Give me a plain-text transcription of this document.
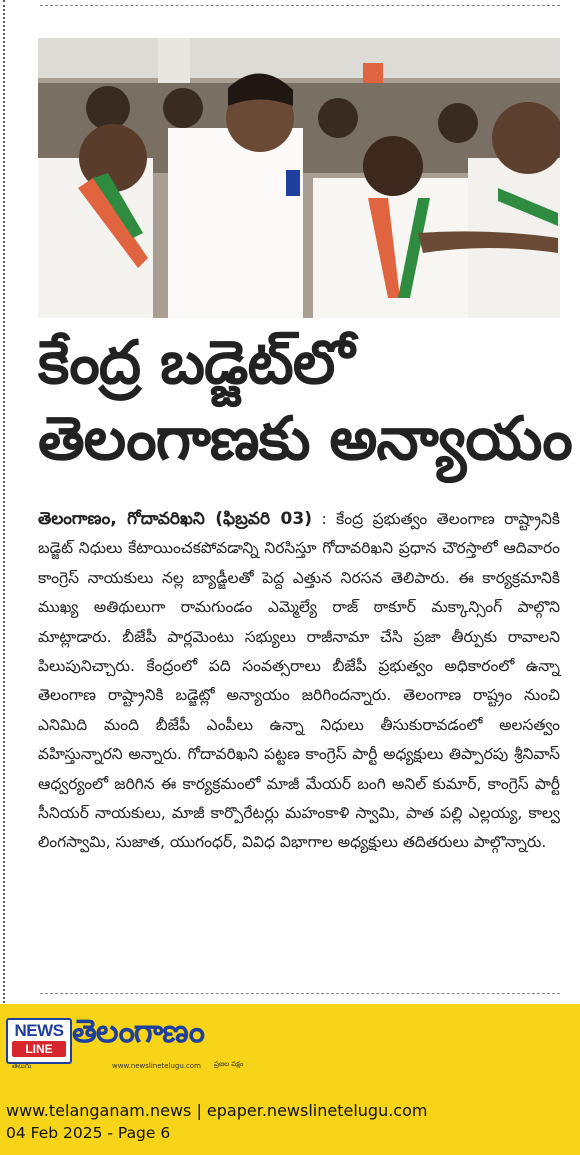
కేంద్ర బడ్జెట్‌లో
తెలంగాణకు అన్యాయం
తెలంగాణం, గోదావరిఖని (ఫిబ్రవరి 03) : కేంద్ర ప్రభుత్వం తెలంగాణ రాష్ట్రానికి బడ్జెట్ నిధులు కేటాయించకపోవడాన్ని నిరసిస్తూ గోదావరిఖని ప్రధాన చౌరస్తాలో ఆదివారం కాంగ్రెస్ నాయకులు నల్ల బ్యాడ్జీలతో పెద్ద ఎత్తున నిరసన తెలిపారు. ఈ కార్యక్రమానికి ముఖ్య అతిథులుగా రామగుండం ఎమ్మెల్యే రాజ్ ఠాకూర్ మక్కాన్సింగ్ పాల్గొని మాట్లాడారు. బీజేపీ పార్లమెంటు సభ్యులు రాజీనామా చేసి ప్రజా తీర్పుకు రావాలని పిలుపునిచ్చారు. కేంద్రంలో పది సంవత్సరాలు బీజేపీ ప్రభుత్వం అధికారంలో ఉన్నా తెలంగాణ రాష్ట్రానికి బడ్జెట్లో అన్యాయం జరిగిందన్నారు. తెలంగాణ రాష్ట్రం నుంచి ఎనిమిది మంది బీజేపీ ఎంపీలు ఉన్నా నిధులు తీసుకురావడంలో అలసత్వం వహిస్తున్నారని అన్నారు. గోదావరిఖని పట్టణ కాంగ్రెస్ పార్టీ అధ్యక్షులు తిప్పారపు శ్రీనివాస్ ఆధ్వర్యంలో జరిగిన ఈ కార్యక్రమంలో మాజీ మేయర్ బంగి అనిల్ కుమార్, కాంగ్రెస్ పార్టీ సీనియర్ నాయకులు, మాజీ కార్పొరేటర్లు మహంకాళి స్వామి, పాత పల్లి ఎల్లయ్య, కాల్వ లింగస్వామి, సుజాత, యుగంధర్, వివిధ విభాగాల అధ్యక్షులు తదితరులు పాల్గొన్నారు.
NEWS
LINE
తెలుగు
తెలంగాణం
www.newslinetelugu.com ప్రజల పక్షం
www.telanganam.news | epaper.newslinetelugu.com
04 Feb 2025 - Page 6
